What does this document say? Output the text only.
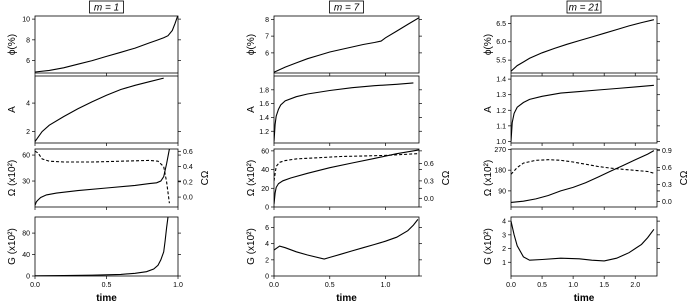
m = 1
6
8
10
ϕ(%)
2
4
A
30
60
Ω (x10²)
0.0
0.2
0.4
0.6
CΩ
0
40
80
G (x10²)
0.0	0.5	1.0
time
m = 7
6
7
8
ϕ(%)
1.2
1.4
1.6
1.8
A
0
20
40
60
Ω (x10²)
0.0
0.3
0.6
CΩ
0
2
4
6
G (x10²)
0.0	0.5	1.0
time
m = 21
5.5
6.0
6.5
ϕ(%)
1.0
1.1
1.2
1.3
1.4
A
90
180
270
Ω (x10²)
0.0
0.3
0.6
0.9
CΩ
1
2
3
4
G (x10²)
0.0	0.5	1.0	1.5	2.0
time
